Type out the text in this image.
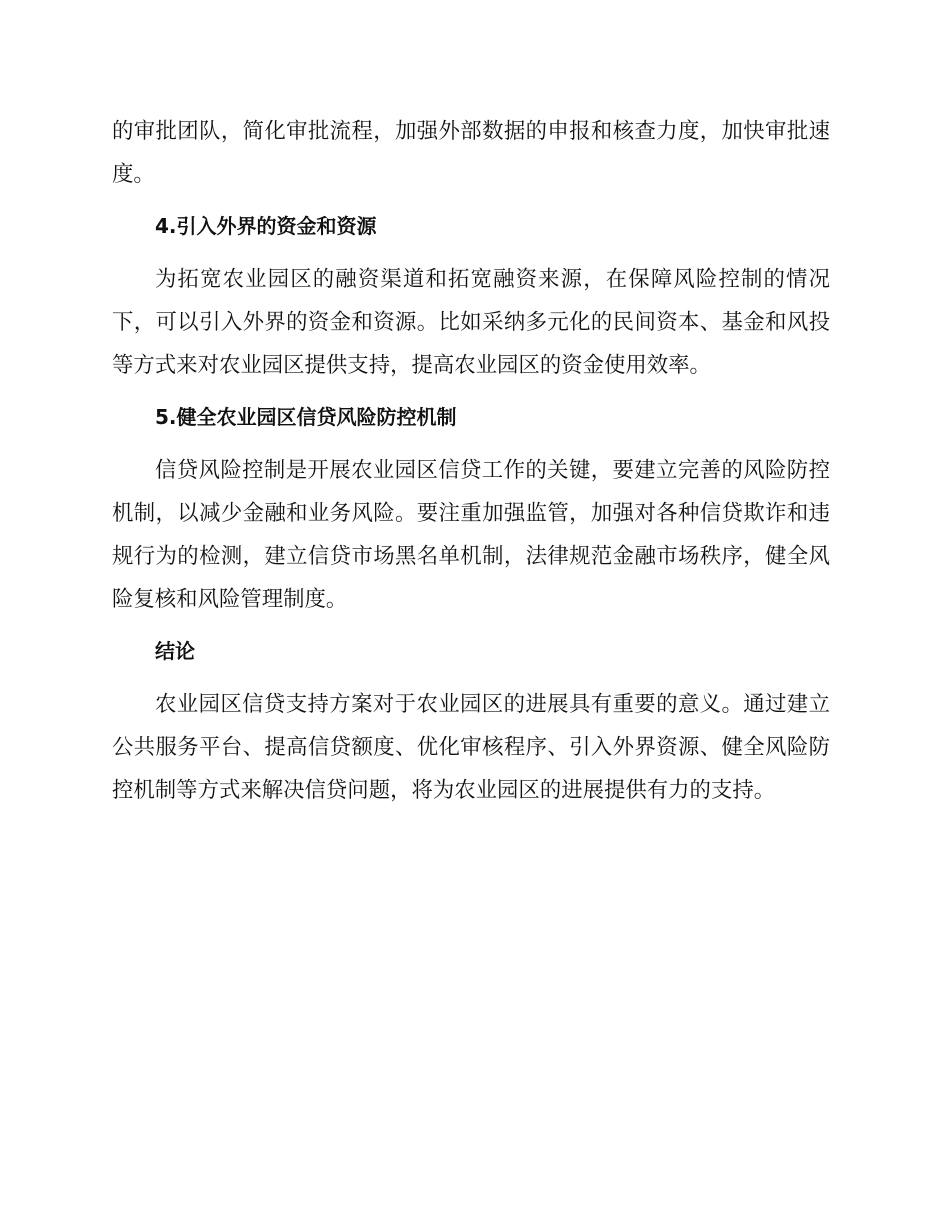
的审批团队，简化审批流程，加强外部数据的申报和核查力度，加快审批速度。

4.引入外界的资金和资源

为拓宽农业园区的融资渠道和拓宽融资来源，在保障风险控制的情况下，可以引入外界的资金和资源。比如采纳多元化的民间资本、基金和风投等方式来对农业园区提供支持，提高农业园区的资金使用效率。

5.健全农业园区信贷风险防控机制

信贷风险控制是开展农业园区信贷工作的关键，要建立完善的风险防控机制，以减少金融和业务风险。要注重加强监管，加强对各种信贷欺诈和违规行为的检测，建立信贷市场黑名单机制，法律规范金融市场秩序，健全风险复核和风险管理制度。

结论

农业园区信贷支持方案对于农业园区的进展具有重要的意义。通过建立公共服务平台、提高信贷额度、优化审核程序、引入外界资源、健全风险防控机制等方式来解决信贷问题，将为农业园区的进展提供有力的支持。
